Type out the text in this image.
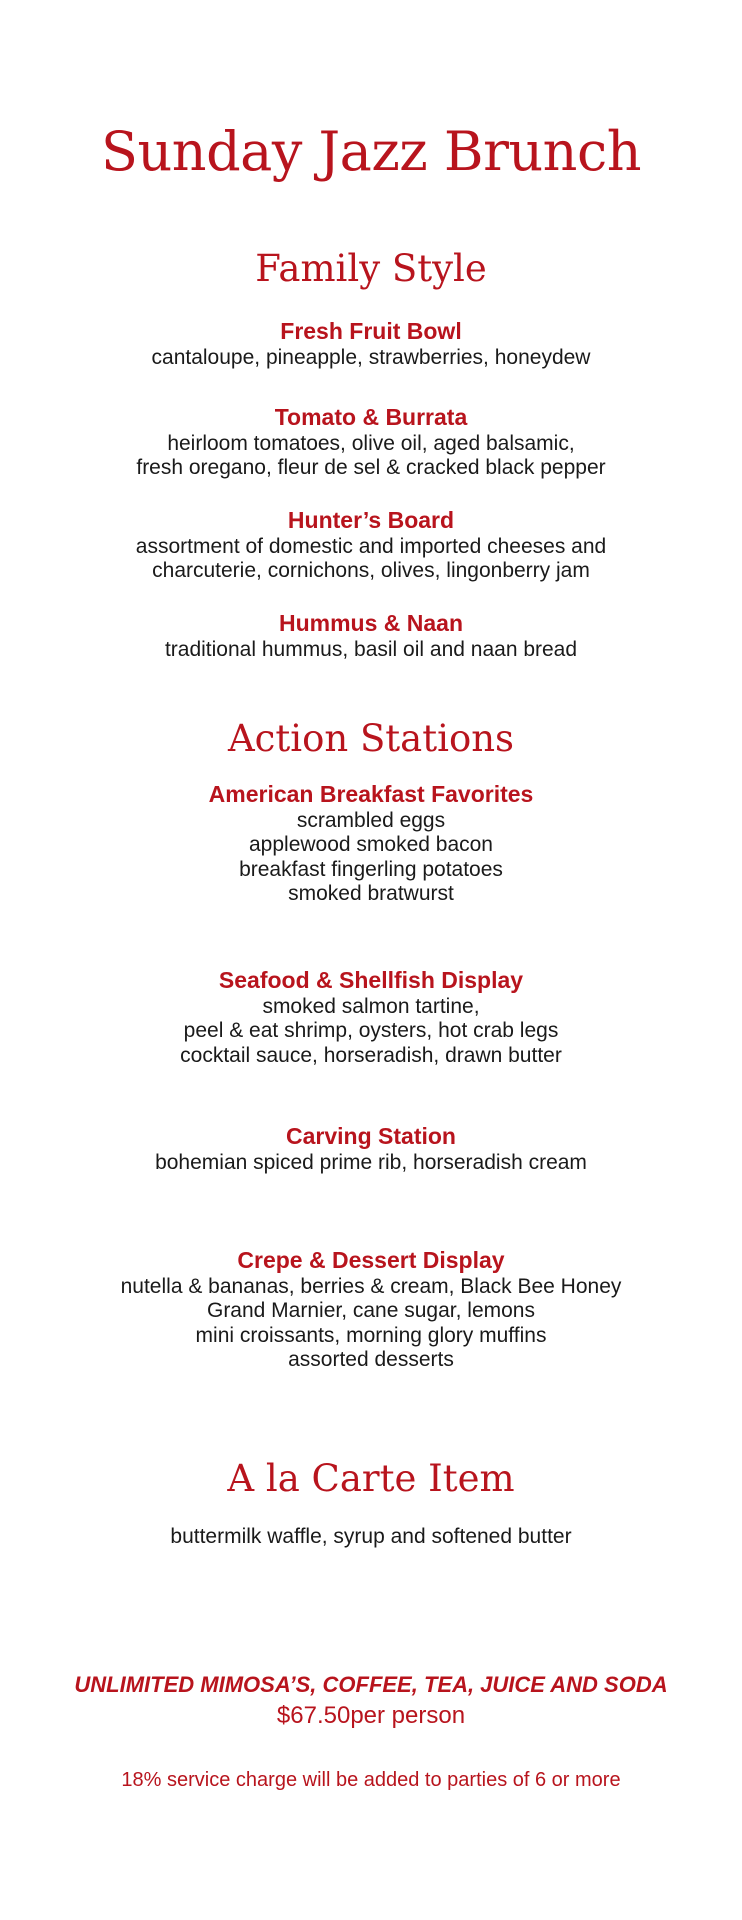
Sunday Jazz Brunch
Family Style
Fresh Fruit Bowl
cantaloupe, pineapple, strawberries, honeydew
Tomato & Burrata
heirloom tomatoes, olive oil, aged balsamic,
fresh oregano, fleur de sel & cracked black pepper
Hunter’s Board
assortment of domestic and imported cheeses and
charcuterie, cornichons, olives, lingonberry jam
Hummus & Naan
traditional hummus, basil oil and naan bread
Action Stations
American Breakfast Favorites
scrambled eggs
applewood smoked bacon
breakfast fingerling potatoes
smoked bratwurst
Seafood & Shellfish Display
smoked salmon tartine,
peel & eat shrimp, oysters, hot crab legs
cocktail sauce, horseradish, drawn butter
Carving Station
bohemian spiced prime rib, horseradish cream
Crepe & Dessert Display
nutella & bananas, berries & cream, Black Bee Honey
Grand Marnier, cane sugar, lemons
mini croissants, morning glory muffins
assorted desserts
A la Carte Item
buttermilk waffle, syrup and softened butter
UNLIMITED MIMOSA’S, COFFEE, TEA, JUICE AND SODA
$67.50per person
18% service charge will be added to parties of 6 or more
